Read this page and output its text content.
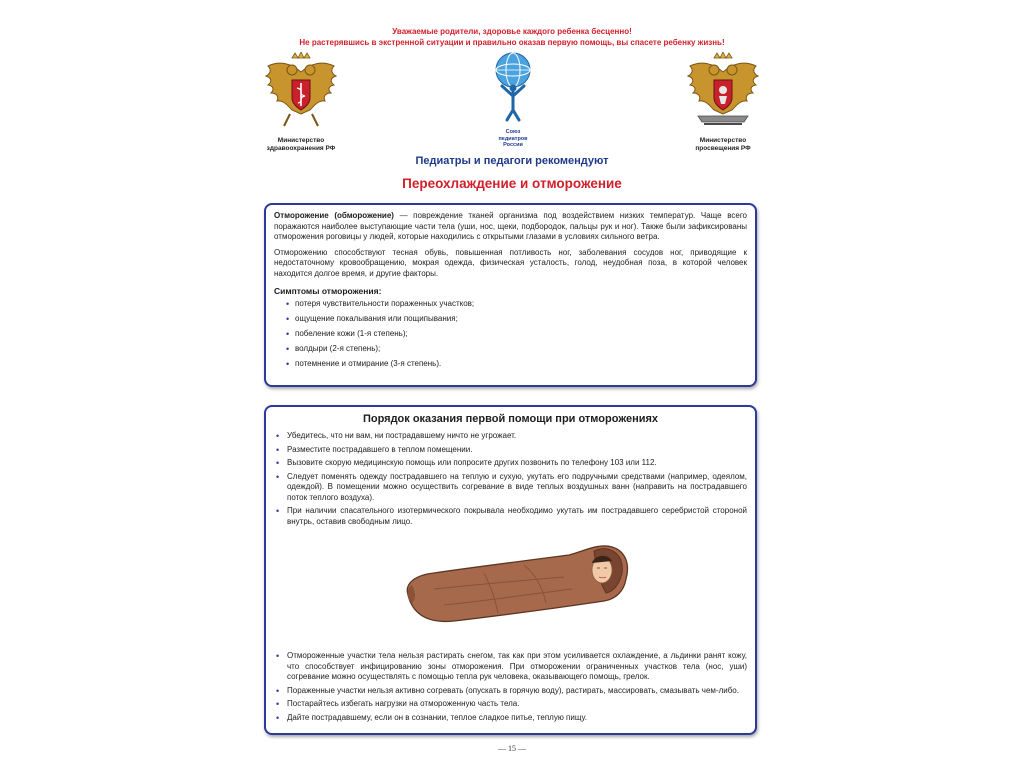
Уважаемые родители, здоровье каждого ребенка бесценно!
Не растерявшись в экстренной ситуации и правильно оказав первую помощь, вы спасете ребенку жизнь!
Министерство
здравоохранения РФ
Союз
педиатров
России
Министерство
просвещения РФ
Педиатры и педагоги рекомендуют
Переохлаждение и отморожение

Отморожение (обморожение) — повреждение тканей организма под воздействием низких температур. Чаще всего поражаются наиболее выступающие части тела (уши, нос, щеки, подбородок, пальцы рук и ног). Также были зафиксированы отморожения роговицы у людей, которые находились с открытыми глазами в условиях сильного ветра.

Отморожению способствуют тесная обувь, повышенная потливость ног, заболевания сосудов ног, приводящие к недостаточному кровообращению, мокрая одежда, физическая усталость, голод, неудобная поза, в которой человек находится долгое время, и другие факторы.

Симптомы отморожения:
• потеря чувствительности пораженных участков;
• ощущение покалывания или пощипывания;
• побеление кожи (1-я степень);
• волдыри (2-я степень);
• потемнение и отмирание (3-я степень).
Порядок оказания первой помощи при отморожениях
• Убедитесь, что ни вам, ни пострадавшему ничто не угрожает.
• Разместите пострадавшего в теплом помещении.
• Вызовите скорую медицинскую помощь или попросите других позвонить по телефону 103 или 112.
• Следует поменять одежду пострадавшего на теплую и сухую, укутать его подручными средствами (например, одеялом, одеждой). В помещении можно осуществить согревание в виде теплых воздушных ванн (направить на пострадавшего поток теплого воздуха).
• При наличии спасательного изотермического покрывала необходимо укутать им пострадавшего серебристой стороной внутрь, оставив свободным лицо.
• Отмороженные участки тела нельзя растирать снегом, так как при этом усиливается охлаждение, а льдинки ранят кожу, что способствует инфицированию зоны отморожения. При отморожении ограниченных участков тела (нос, уши) согревание можно осуществлять с помощью тепла рук человека, оказывающего помощь, грелок.
• Пораженные участки нельзя активно согревать (опускать в горячую воду), растирать, массировать, смазывать чем-либо.
• Постарайтесь избегать нагрузки на отмороженную часть тела.
• Дайте пострадавшему, если он в сознании, теплое сладкое питье, теплую пищу.
— 15 —
